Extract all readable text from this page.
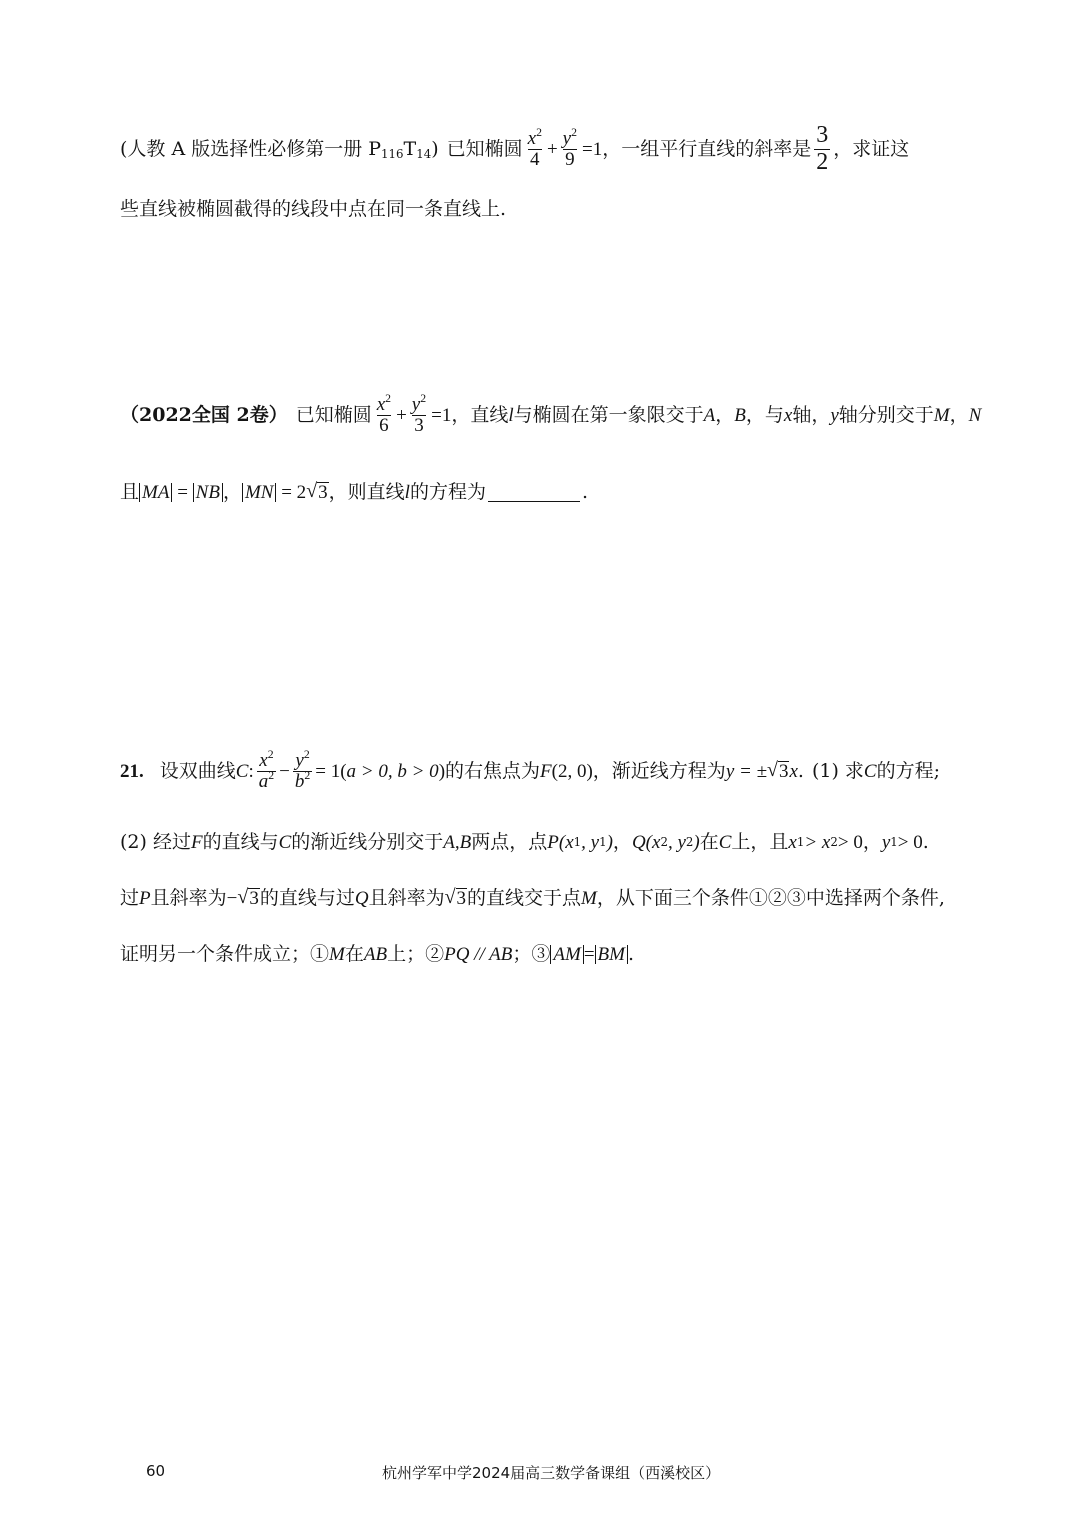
(人教 A 版选择性必修第一册 $P_{116}T_{14}$) 已知椭圆 $\frac{x^2}{4} + \frac{y^2}{9} =1$ ，一组平行直线的斜率是 $\frac{3}{2}$ ，求证这
些直线被椭圆截得的线段中点在同一条直线上.
（2022全国 2卷） 已知椭圆 $\frac{x^2}{6} + \frac{y^2}{3} =1$ ，直线 l 与椭圆在第一象限交于 A ， B ，与 x 轴， y 轴分别交于 M ， N
且 MA = NB ， MN
= 2 √ 3 ，则直线 l 的方程为	.
21. 设双曲线 C : $\frac{x^2}{a^2} - \frac{y^2}{b^2} = 1$( a > 0, b > 0 ) 的右焦点为 F (2, 0) ，渐近线方程为 y = ± √ 3 x . (1) 求 C 的方程;
(2) 经过 F 的直线与 C 的渐近线分别交于 A,B 两点，点 P (x 1 , y 1 ) ， Q (x 2 , y 2 ) 在 C 上，且 x 1 > x 2 > 0 ， y 1 > 0 .
过 P 且斜率为 − √ 3 的直线与过 Q 且斜率为 √ 3 的直线交于点 M ，从下面三个条件①②③中选择两个条件,
证明另一个条件成立；① M 在 AB 上；② PQ // AB ；③ AM = BM .
60	杭州学军中学2024届高三数学备课组（西溪校区）
